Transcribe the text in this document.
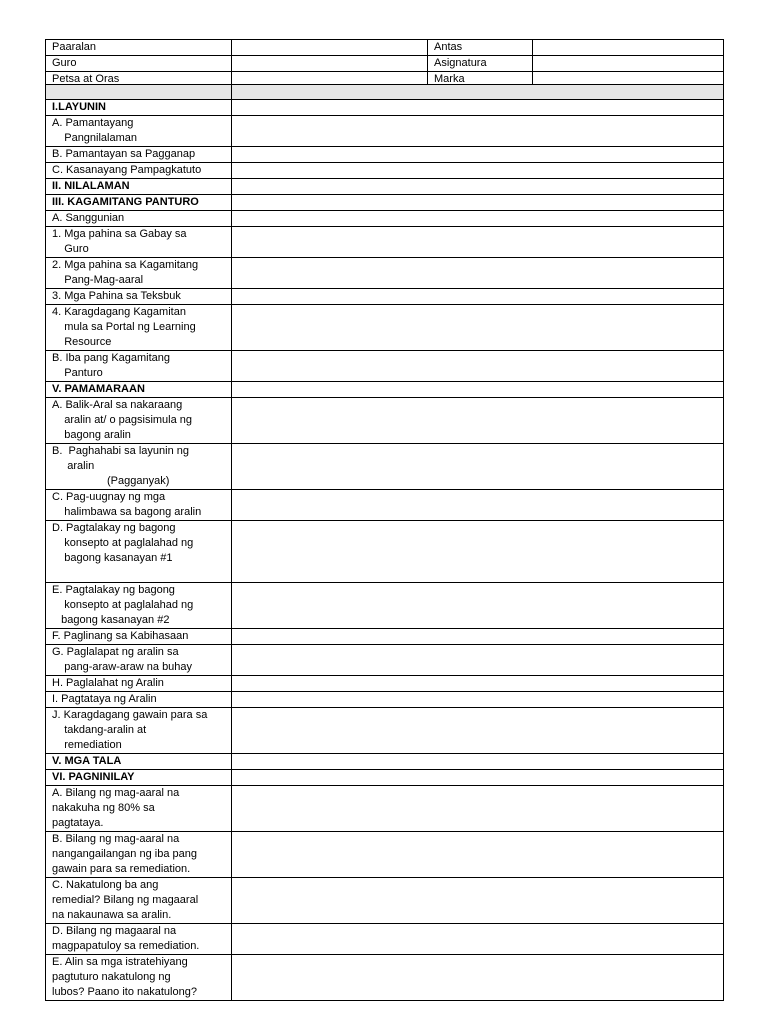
Paaralan		Antas	
Guro		Asignatura	
Petsa at Oras		Marka	

I.LAYUNIN	
A. Pamantayang
Pangnilalaman	
B. Pamantayan sa Pagganap	
C. Kasanayang Pampagkatuto	
II. NILALAMAN	
III. KAGAMITANG PANTURO	
A. Sanggunian	
1. Mga pahina sa Gabay sa
Guro	
2. Mga pahina sa Kagamitang
Pang-Mag-aaral	
3. Mga Pahina sa Teksbuk	
4. Karagdagang Kagamitan
mula sa Portal ng Learning
Resource	
B. Iba pang Kagamitang
Panturo	
V. PAMAMARAAN	
A. Balik-Aral sa nakaraang
aralin at/ o pagsisimula ng
bagong aralin	
B.  Paghahabi sa layunin ng
aralin
(Pagganyak)	
C. Pag-uugnay ng mga
halimbawa sa bagong aralin	
D. Pagtalakay ng bagong
konsepto at paglalahad ng
bagong kasanayan #1	
E. Pagtalakay ng bagong
konsepto at paglalahad ng
bagong kasanayan #2	
F. Paglinang sa Kabihasaan	
G. Paglalapat ng aralin sa
pang-araw-araw na buhay	
H. Paglalahat ng Aralin	
I. Pagtataya ng Aralin	
J. Karagdagang gawain para sa
takdang-aralin at
remediation	
V. MGA TALA	
VI. PAGNINILAY	
A. Bilang ng mag-aaral na
nakakuha ng 80% sa
pagtataya.	
B. Bilang ng mag-aaral na
nangangailangan ng iba pang
gawain para sa remediation.	
C. Nakatulong ba ang
remedial? Bilang ng magaaral
na nakaunawa sa aralin.	
D. Bilang ng magaaral na
magpapatuloy sa remediation.	
E. Alin sa mga istratehiyang
pagtuturo nakatulong ng
lubos? Paano ito nakatulong?	
